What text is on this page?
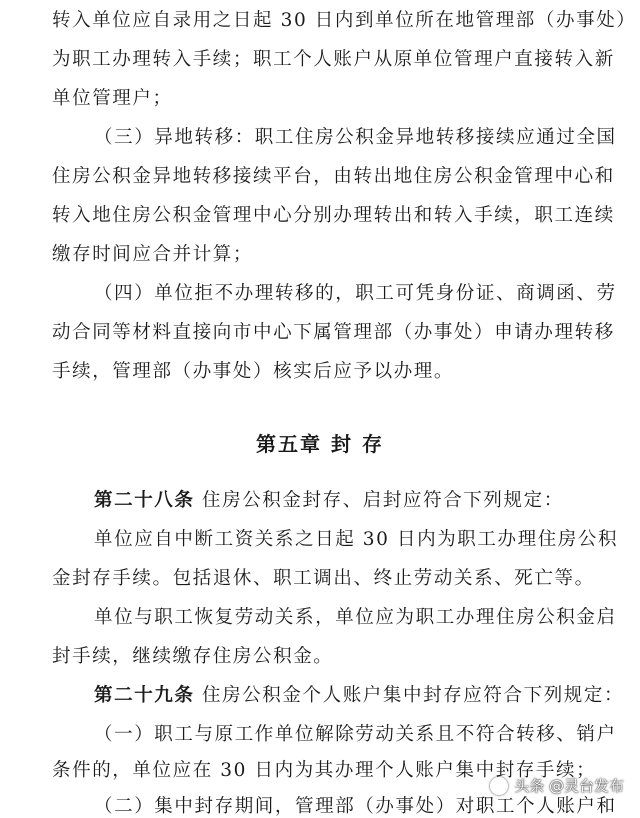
转入单位应自录用之日起 30 日内到单位所在地管理部（办事处）
为职工办理转入手续；职工个人账户从原单位管理户直接转入新
单位管理户；
（三）异地转移：职工住房公积金异地转移接续应通过全国
住房公积金异地转移接续平台，由转出地住房公积金管理中心和
转入地住房公积金管理中心分别办理转出和转入手续，职工连续
缴存时间应合并计算；
（四）单位拒不办理转移的，职工可凭身份证、商调函、劳
动合同等材料直接向市中心下属管理部（办事处）申请办理转移
手续，管理部（办事处）核实后应予以办理。
第五章 封 存
第二十八条 住房公积金封存、启封应符合下列规定：
单位应自中断工资关系之日起 30 日内为职工办理住房公积
金封存手续。包括退休、职工调出、终止劳动关系、死亡等。
单位与职工恢复劳动关系，单位应为职工办理住房公积金启
封手续，继续缴存住房公积金。
第二十九条 住房公积金个人账户集中封存应符合下列规定：
（一）职工与原工作单位解除劳动关系且不符合转移、销户
条件的，单位应在 30 日内为其办理个人账户集中封存手续；
（二）集中封存期间，管理部（办事处）对职工个人账户和
头条 @灵台发布
